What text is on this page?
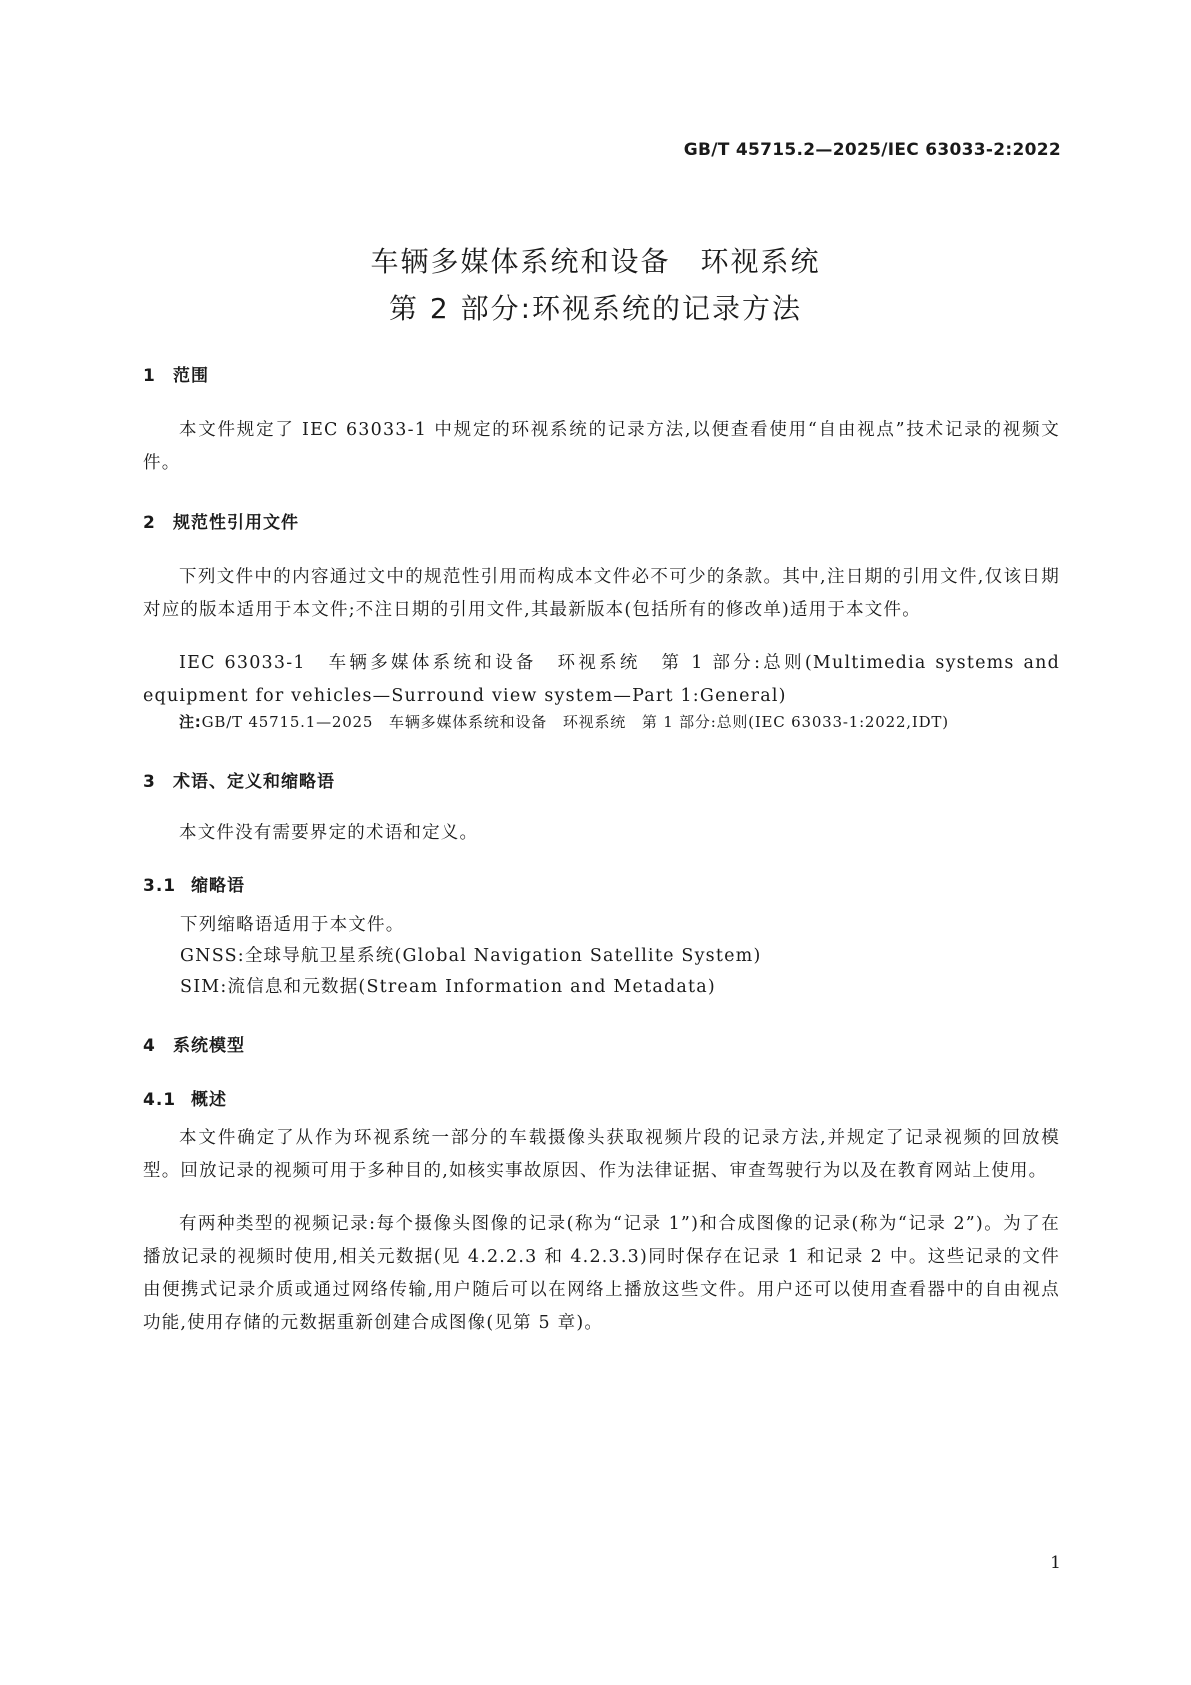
GB/T 45715.2—2025/IEC 63033-2:2022
车辆多媒体系统和设备　环视系统
第 2 部分:环视系统的记录方法
1 范围
本文件规定了 IEC 63033-1 中规定的环视系统的记录方法,以便查看使用“自由视点”技术记录的视频文件。
2 规范性引用文件
下列文件中的内容通过文中的规范性引用而构成本文件必不可少的条款。其中,注日期的引用文件,仅该日期对应的版本适用于本文件;不注日期的引用文件,其最新版本(包括所有的修改单)适用于本文件。
IEC 63033-1　车辆多媒体系统和设备　环视系统　第 1 部分:总则(Multimedia systems and equipment for vehicles—Surround view system—Part 1:General)
注:GB/T 45715.1—2025　车辆多媒体系统和设备　环视系统　第 1 部分:总则(IEC 63033-1:2022,IDT)
3 术语、定义和缩略语
本文件没有需要界定的术语和定义。
3.1 缩略语
下列缩略语适用于本文件。
GNSS:全球导航卫星系统(Global Navigation Satellite System)
SIM:流信息和元数据(Stream Information and Metadata)
4 系统模型
4.1 概述
本文件确定了从作为环视系统一部分的车载摄像头获取视频片段的记录方法,并规定了记录视频的回放模型。回放记录的视频可用于多种目的,如核实事故原因、作为法律证据、审查驾驶行为以及在教育网站上使用。
有两种类型的视频记录:每个摄像头图像的记录(称为“记录 1”)和合成图像的记录(称为“记录 2”)。为了在播放记录的视频时使用,相关元数据(见 4.2.2.3 和 4.2.3.3)同时保存在记录 1 和记录 2 中。这些记录的文件由便携式记录介质或通过网络传输,用户随后可以在网络上播放这些文件。用户还可以使用查看器中的自由视点功能,使用存储的元数据重新创建合成图像(见第 5 章)。
1
